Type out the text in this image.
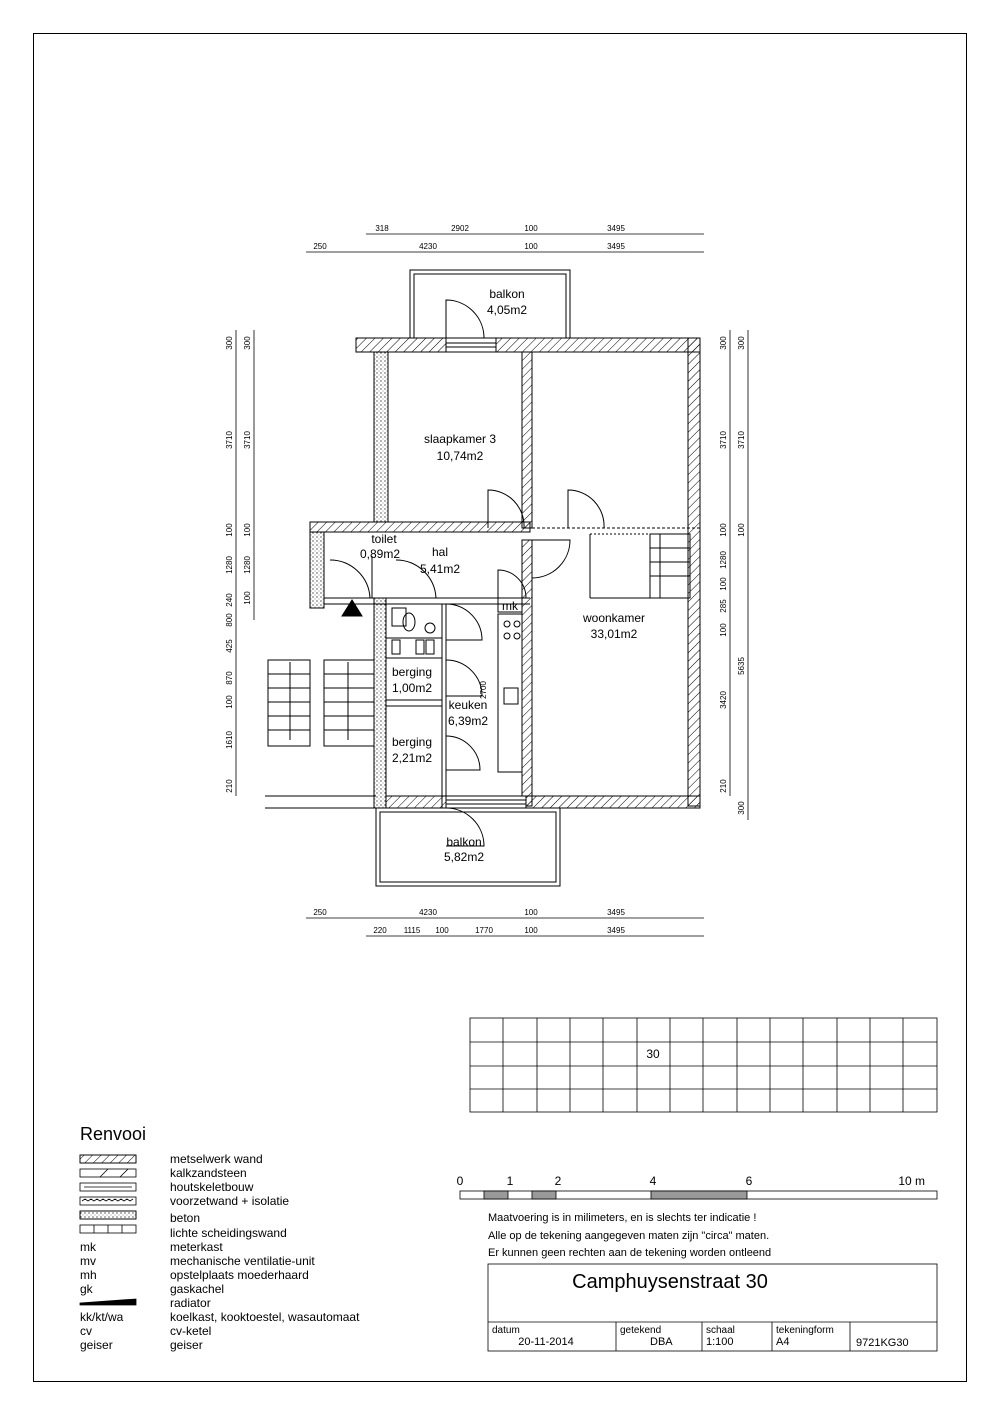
balkon
4,05m2
slaapkamer 3
10,74m2
toilet
0,89m2	hal
5,41m2
mk
woonkamer
33,01m2
berging
1,00m2
keuken
6,39m2
berging
2,21m2
balkon
5,82m2
2700
318	2902	100	3495
250	4230	100	3495
250	4230	100	3495
220 1115 100	1770	100	3495
300
3710
100
1280
240
800
425
870
100
1610
210
300
3710
100
1280
100
300
3710
100
1280
100
285
100
3420
210
300
3710
100
5635
300
30
Renvooi
metselwerk wand
kalkzandsteen
houtskeletbouw
voorzetwand + isolatie
beton
lichte scheidingswand
mk	meterkast
mv	mechanische ventilatie-unit
mh	opstelplaats moederhaard
gk	gaskachel
radiator
kk/kt/wa	koelkast, kooktoestel, wasautomaat
cv	cv-ketel
geiser	geiser
0	1	2	4	6	10 m
Maatvoering is in milimeters, en is slechts ter indicatie !
Alle op de tekening aangegeven maten zijn "circa" maten.
Er kunnen geen rechten aan de tekening worden ontleend
Camphuysenstraat 30
datum
20-11-2014
getekend
DBA
schaal
1:100
tekeningform
A4	9721KG30
